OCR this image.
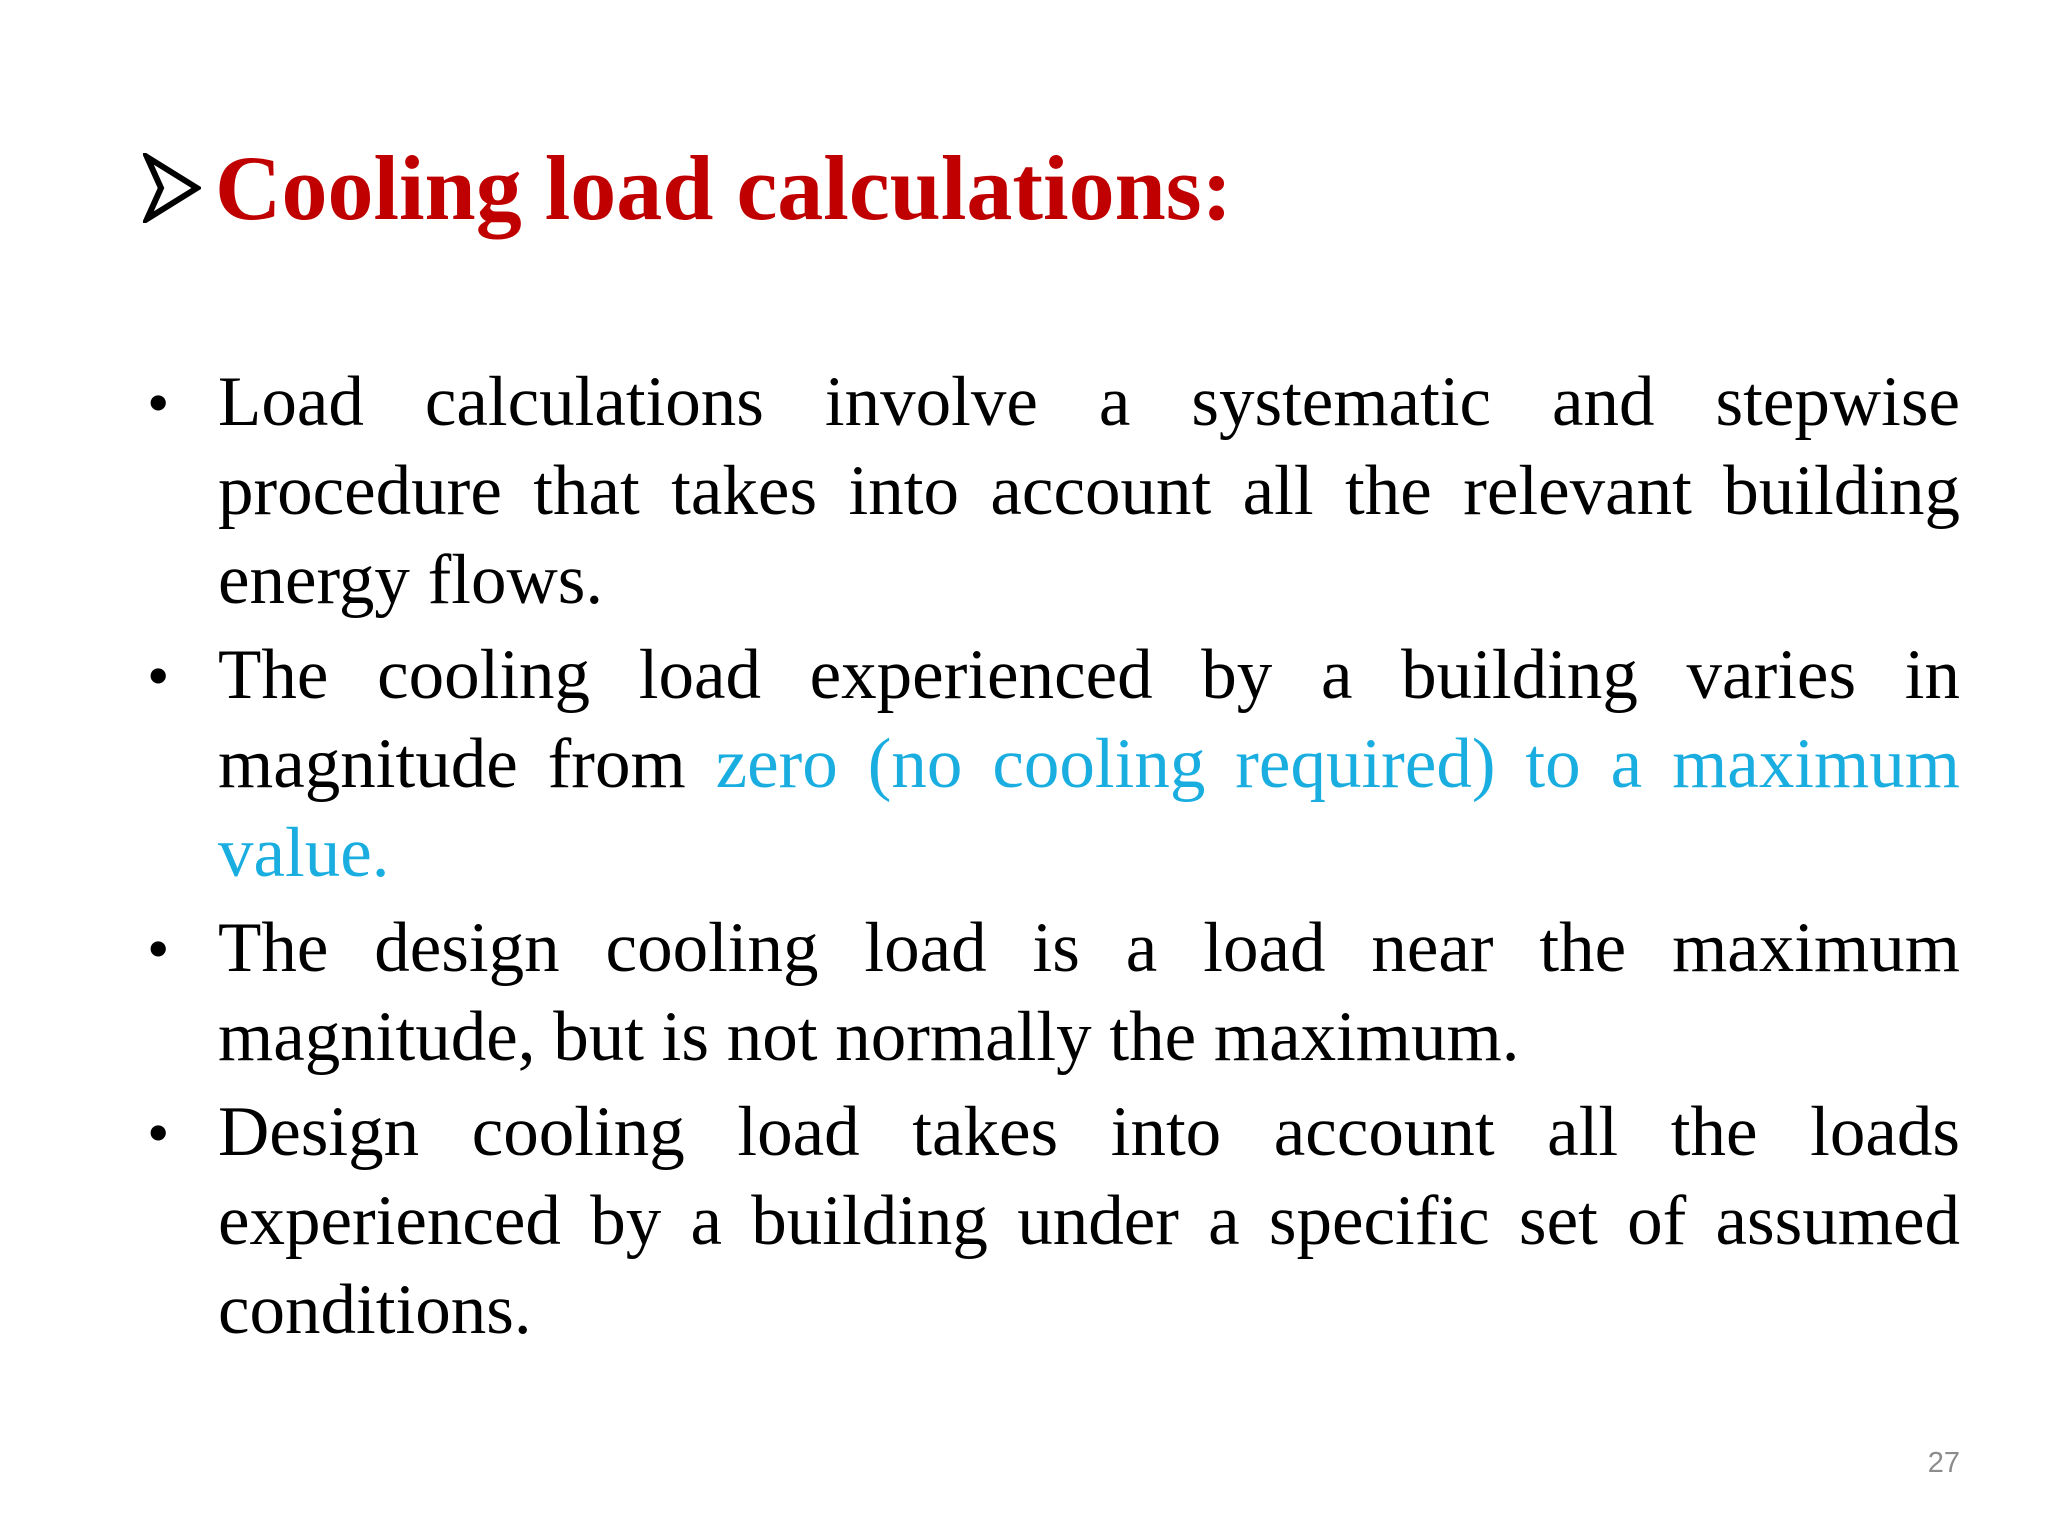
Cooling load calculations:
• Load calculations involve a systematic and stepwise procedure that takes into account all the relevant building energy flows.
• The cooling load experienced by a building varies in magnitude from zero (no cooling required) to a maximum value.
• The design cooling load is a load near the maximum magnitude, but is not normally the maximum.
• Design cooling load takes into account all the loads experienced by a building under a specific set of assumed conditions.
27
